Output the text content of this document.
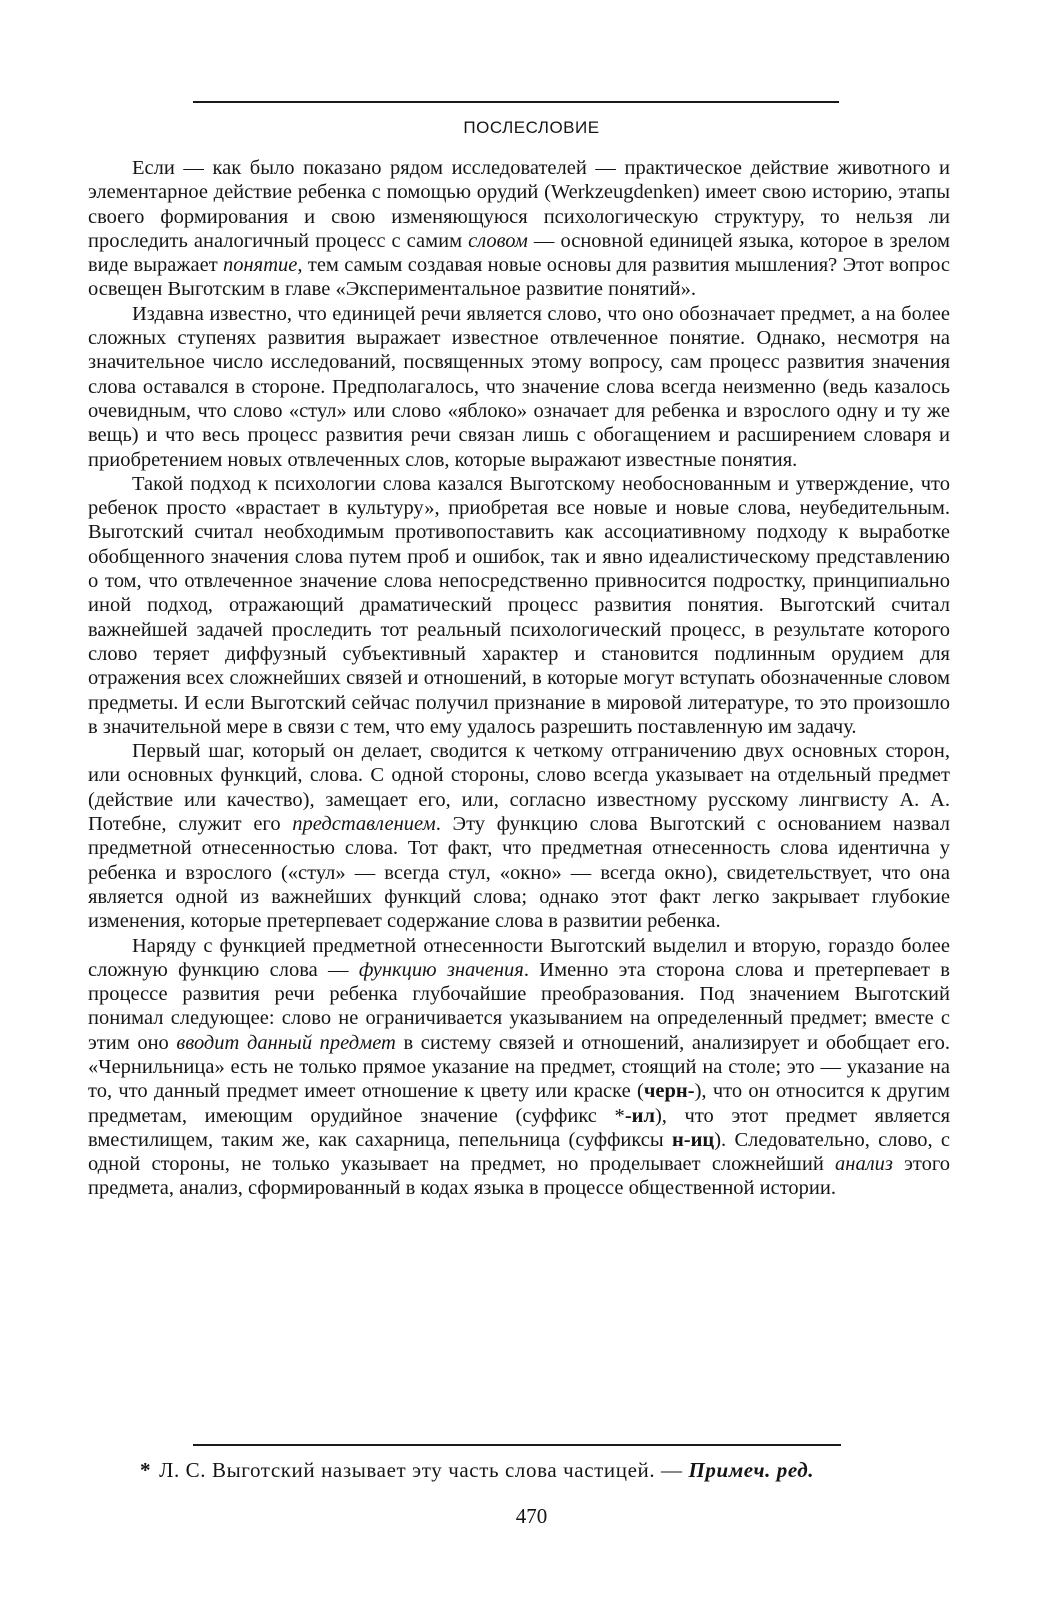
ПОСЛЕСЛОВИЕ

Если — как было показано рядом исследователей — практическое действие животного и элементарное действие ребенка с помощью орудий (Werkzeugdenken) имеет свою историю, этапы своего формирования и свою изменяющуюся психологическую структуру, то нельзя ли проследить аналогичный процесс с самим словом — основной единицей языка, которое в зрелом виде выражает понятие, тем самым создавая новые основы для развития мышления? Этот вопрос освещен Выготским в главе «Экспериментальное развитие понятий».

Издавна известно, что единицей речи является слово, что оно обозначает предмет, а на более сложных ступенях развития выражает известное отвлеченное понятие. Однако, несмотря на значительное число исследований, посвященных этому вопросу, сам процесс развития значения слова оставался в стороне. Предполагалось, что значение слова всегда неизменно (ведь казалось очевидным, что слово «стул» или слово «яблоко» означает для ребенка и взрослого одну и ту же вещь) и что весь процесс развития речи связан лишь с обогащением и расширением словаря и приобретением новых отвлеченных слов, которые выражают известные понятия.

Такой подход к психологии слова казался Выготскому необоснованным и утверждение, что ребенок просто «врастает в культуру», приобретая все новые и новые слова, неубедительным. Выготский считал необходимым противопоставить как ассоциативному подходу к выработке обобщенного значения слова путем проб и ошибок, так и явно идеалистическому представлению о том, что отвлеченное значение слова непосредственно привносится подростку, принципиально иной подход, отражающий драматический процесс развития понятия. Выготский считал важнейшей задачей проследить тот реальный психологический процесс, в результате которого слово теряет диффузный субъективный характер и становится подлинным орудием для отражения всех сложнейших связей и отношений, в которые могут вступать обозначенные словом предметы. И если Выготский сейчас получил признание в мировой литературе, то это произошло в значительной мере в связи с тем, что ему удалось разрешить поставленную им задачу.

Первый шаг, который он делает, сводится к четкому отграничению двух основных сторон, или основных функций, слова. С одной стороны, слово всегда указывает на отдельный предмет (действие или качество), замещает его, или, согласно известному русскому лингвисту А. А. Потебне, служит его представлением. Эту функцию слова Выготский с основанием назвал предметной отнесенностью слова. Тот факт, что предметная отнесенность слова идентична у ребенка и взрослого («стул» — всегда стул, «окно» — всегда окно), свидетельствует, что она является одной из важнейших функций слова; однако этот факт легко закрывает глубокие изменения, которые претерпевает содержание слова в развитии ребенка.

Наряду с функцией предметной отнесенности Выготский выделил и вторую, гораздо более сложную функцию слова — функцию значения. Именно эта сторона слова и претерпевает в процессе развития речи ребенка глубочайшие преобразования. Под значением Выготский понимал следующее: слово не ограничивается указыванием на определенный предмет; вместе с этим оно вводит данный предмет в систему связей и отношений, анализирует и обобщает его. «Чернильница» есть не только прямое указание на предмет, стоящий на столе; это — указание на то, что данный предмет имеет отношение к цвету или краске (черн-), что он относится к другим предметам, имеющим орудийное значение (суффикс *-ил), что этот предмет является вместилищем, таким же, как сахарница, пепельница (суффиксы н-иц). Следовательно, слово, с одной стороны, не только указывает на предмет, но проделывает сложнейший анализ этого предмета, анализ, сформированный в кодах языка в процессе общественной истории.

* Л. С. Выготский называет эту часть слова частицей. — Примеч. ред.
470
